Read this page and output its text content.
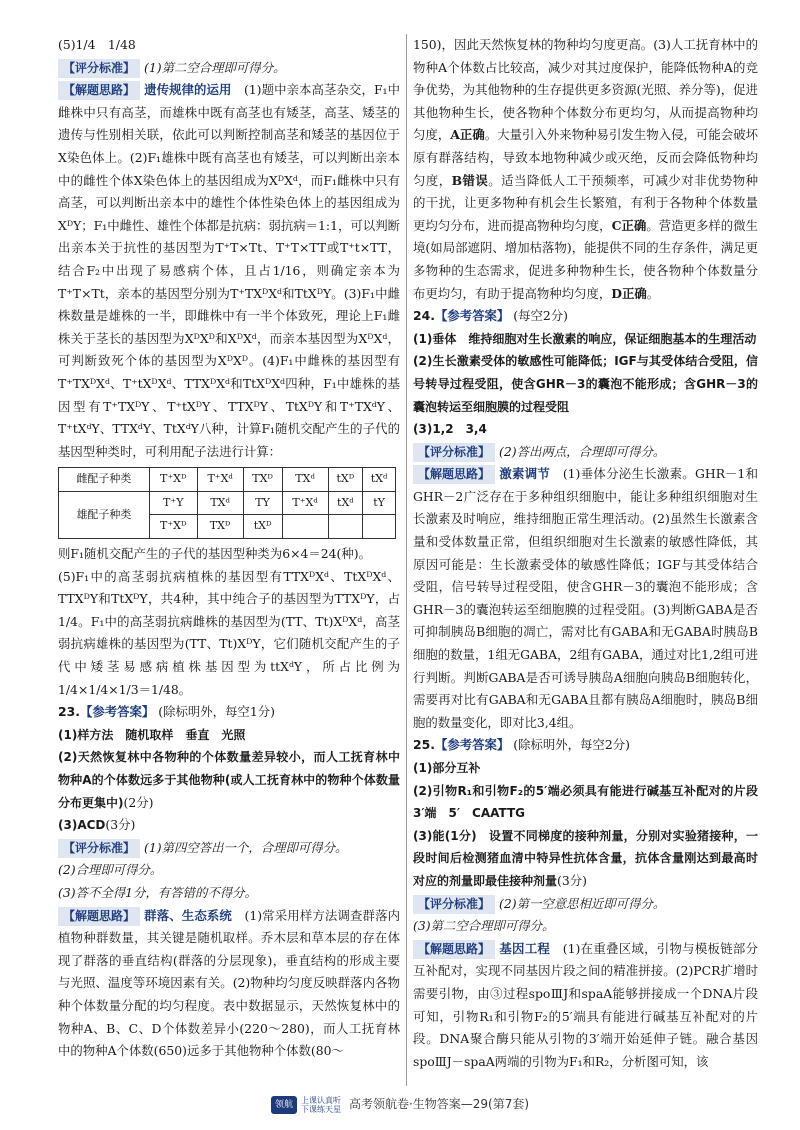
(5)1/4　1/48

【评分标准】 (1)第二空合理即可得分。

【解题思路】 遗传规律的运用　 (1)题中亲本高茎杂交，F₁中雌株中只有高茎，而雄株中既有高茎也有矮茎，高茎、矮茎的遗传与性别相关联，依此可以判断控制高茎和矮茎的基因位于X染色体上。(2)F₁雄株中既有高茎也有矮茎，可以判断出亲本中的雌性个体X染色体上的基因组成为XᴰXᵈ，而F₁雌株中只有高茎，可以判断出亲本中的雄性个体性染色体上的基因组成为XᴰY；F₁中雌性、雄性个体都是抗病：弱抗病＝1:1，可以判断出亲本关于抗性的基因型为T⁺T×Tt、T⁺T×TT或T⁺t×TT，结合F₂中出现了易感病个体，且占1/16，则确定亲本为T⁺T×Tt，亲本的基因型分别为T⁺TXᴰXᵈ和TtXᴰY。(3)F₁中雌株数量是雄株的一半，即雌株中有一半个体致死，理论上F₁雌株关于茎长的基因型为XᴰXᴰ和XᴰXᵈ，而亲本基因型为XᴰXᵈ，可判断致死个体的基因型为XᴰXᴰ。(4)F₁中雌株的基因型有T⁺TXᴰXᵈ、T⁺tXᴰXᵈ、TTXᴰXᵈ和TtXᴰXᵈ四种，F₁中雄株的基因型有T⁺TXᴰY、T⁺tXᴰY、TTXᴰY、TtXᴰY和T⁺TXᵈY、T⁺tXᵈY、TTXᵈY、TtXᵈY八种，计算F₁随机交配产生的子代的基因型种类时，可利用配子法进行计算：

雌配子种类	T⁺Xᴰ	T⁺Xᵈ	TXᴰ	TXᵈ	tXᴰ	tXᵈ
雄配子种类	T⁺Y	TXᵈ	TY	T⁺Xᵈ	tXᵈ	tY
	T⁺Xᴰ	TXᴰ	tXᴰ			

则F₁随机交配产生的子代的基因型种类为6×4＝24(种)。

(5)F₁中的高茎弱抗病植株的基因型有TTXᴰXᵈ、TtXᴰXᵈ、TTXᴰY和TtXᴰY，共4种，其中纯合子的基因型为TTXᴰY，占1/4。F₁中的高茎弱抗病雌株的基因型为(TT、Tt)XᴰXᵈ，高茎弱抗病雄株的基因型为(TT、Tt)XᴰY，它们随机交配产生的子代中矮茎易感病植株基因型为ttXᵈY，所占比例为1/4×1/4×1/3＝1/48。

23.【参考答案】 (除标明外，每空1分)

(1)样方法　随机取样　垂直　光照

(2)天然恢复林中各物种的个体数量差异较小，而人工抚育林中物种A的个体数远多于其他物种(或人工抚育林中的物种个体数量分布更集中)(2分)

(3)ACD(3分)

【评分标准】 (1)第四空答出一个，合理即可得分。

(2)合理即可得分。

(3)答不全得1分，有答错的不得分。

【解题思路】 群落、生态系统　 (1)常采用样方法调查群落内植物种群数量，其关键是随机取样。乔木层和草本层的存在体现了群落的垂直结构(群落的分层现象)，垂直结构的形成主要与光照、温度等环境因素有关。(2)物种均匀度反映群落内各物种个体数量分配的均匀程度。表中数据显示，天然恢复林中的物种A、B、C、D个体数差异小(220～280)，而人工抚育林中的物种A个体数(650)远多于其他物种个体数(80～

150)，因此天然恢复林的物种均匀度更高。(3)人工抚育林中的物种A个体数占比较高，减少对其过度保护，能降低物种A的竞争优势，为其他物种的生存提供更多资源(光照、养分等)，促进其他物种生长，使各物种个体数分布更均匀，从而提高物种均匀度，A正确。大量引入外来物种易引发生物入侵，可能会破坏原有群落结构，导致本地物种减少或灭绝，反而会降低物种均匀度，B错误。适当降低人工干预频率，可减少对非优势物种的干扰，让更多物种有机会生长繁殖，有利于各物种个体数量更均匀分布，进而提高物种均匀度，C正确。营造更多样的微生境(如局部遮阴、增加枯落物)，能提供不同的生存条件，满足更多物种的生态需求，促进多种物种生长，使各物种个体数量分布更均匀，有助于提高物种均匀度，D正确。

24.【参考答案】 (每空2分)

(1)垂体　维持细胞对生长激素的响应，保证细胞基本的生理活动

(2)生长激素受体的敏感性可能降低；IGF与其受体结合受阻，信号转导过程受阻，使含GHR－3的囊泡不能形成；含GHR－3的囊泡转运至细胞膜的过程受阻

(3)1,2　3,4

【评分标准】 (2)答出两点，合理即可得分。

【解题思路】 激素调节　 (1)垂体分泌生长激素。GHR－1和GHR－2广泛存在于多种组织细胞中，能让多种组织细胞对生长激素及时响应，维持细胞正常生理活动。(2)虽然生长激素含量和受体数量正常，但组织细胞对生长激素的敏感性降低，其原因可能是：生长激素受体的敏感性降低；IGF与其受体结合受阻，信号转导过程受阻，使含GHR－3的囊泡不能形成；含GHR－3的囊泡转运至细胞膜的过程受阻。(3)判断GABA是否可抑制胰岛B细胞的凋亡，需对比有GABA和无GABA时胰岛B细胞的数量，1组无GABA，2组有GABA，通过对比1,2组可进行判断。判断GABA是否可诱导胰岛A细胞向胰岛B细胞转化，需要再对比有GABA和无GABA且都有胰岛A细胞时，胰岛B细胞的数量变化，即对比3,4组。

25.【参考答案】 (除标明外，每空2分)

(1)部分互补

(2)引物R₁和引物F₂的5′端必须具有能进行碱基互补配对的片段　3′端　5′　CAATTG

(3)能(1分)　设置不同梯度的接种剂量，分别对实验猪接种，一段时间后检测猪血清中特异性抗体含量，抗体含量刚达到最高时对应的剂量即最佳接种剂量(3分)

【评分标准】 (2)第一空意思相近即可得分。

(3)第二空合理即可得分。

【解题思路】 基因工程　 (1)在重叠区域，引物与模板链部分互补配对，实现不同基因片段之间的精准拼接。(2)PCR扩增时需要引物，由③过程spoⅢJ和spaA能够拼接成一个DNA片段可知，引物R₁和引物F₂的5′端具有能进行碱基互补配对的片段。DNA聚合酶只能从引物的3′端开始延伸子链。融合基因spoⅢJ－spaA两端的引物为F₁和R₂，分析图可知，该

领航 上课认真听
下课练天星 高考领航卷·生物答案—29(第7套)
